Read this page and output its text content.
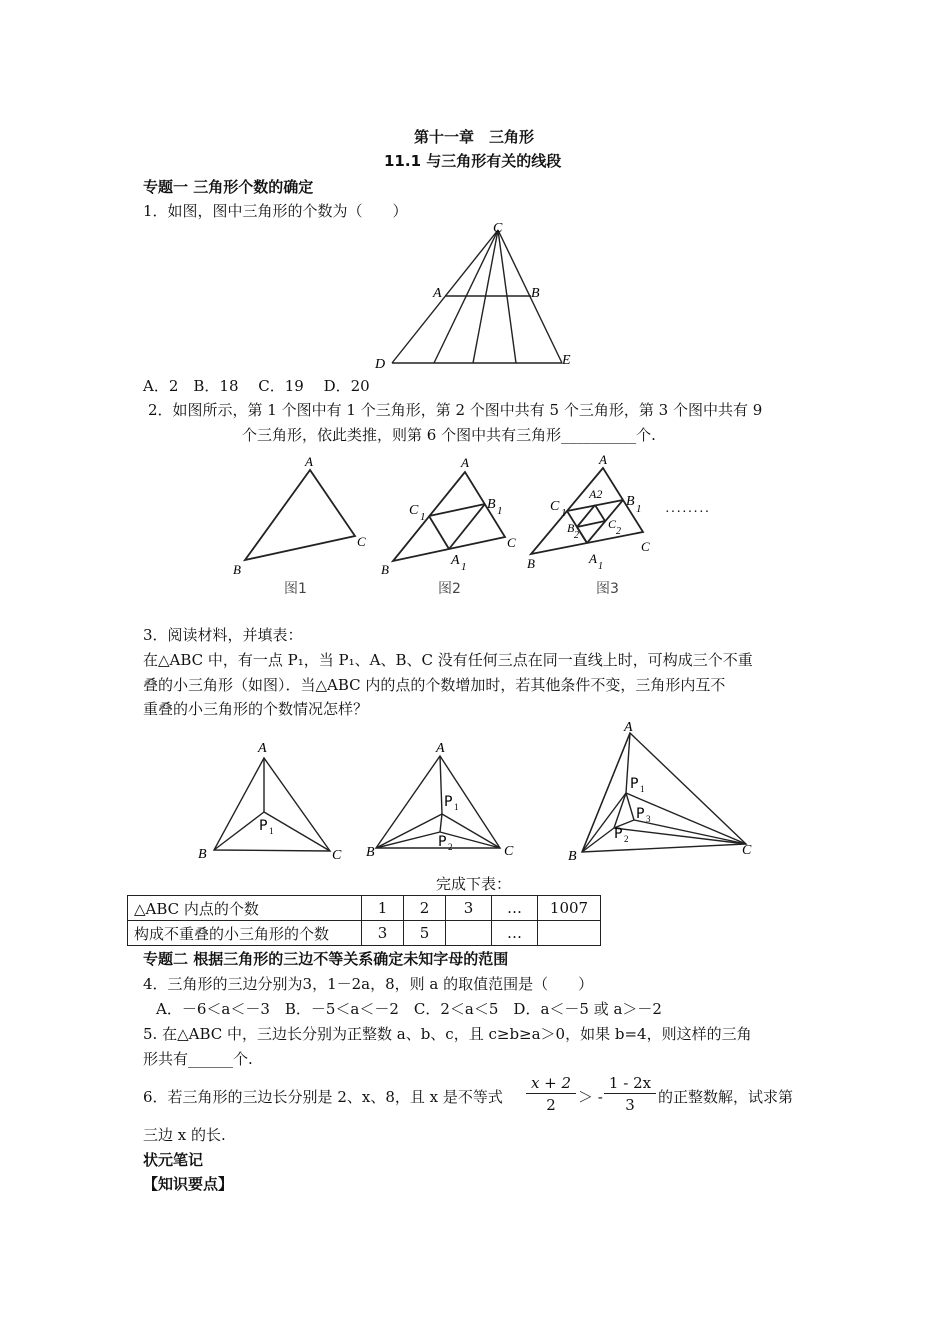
第十一章　三角形
11.1 与三角形有关的线段
专题一 三角形个数的确定
1．如图，图中三角形的个数为（　　）
C
A	B
D	E
A．2　B．18　 C．19　 D．20
2．如图所示，第 1 个图中有 1 个三角形，第 2 个图中共有 5 个三角形，第 3 个图中共有 9
个三角形，依此类推，则第 6 个图中共有三角形__________个.
A
B
C
A
B
C
C 1
B 1
A 1
A
B
C
C 1
B 1
A2
B
2
C
2
A
1
········
图1	图2	图3
3．阅读材料，并填表：
在△ABC 中，有一点 P₁，当 P₁、A、B、C 没有任何三点在同一直线上时，可构成三个不重
叠的小三角形（如图）．当△ABC 内的点的个数增加时，若其他条件不变，三角形内互不
重叠的小三角形的个数情况怎样？
A
B	C
P 1
A
B	C
P 1
P 2
A
B	C
P 1
P 3
P 2
完成下表：
△ABC 内点的个数	1	2	3	…	1007
构成不重叠的小三角形的个数	3	5		…	
专题二 根据三角形的三边不等关系确定未知字母的范围
4．三角形的三边分别为3，1－2a，8，则 a 的取值范围是（　　）
A．－6＜a＜－3　B．－5＜a＜－2　C．2＜a＜5　D．a＜－5 或 a＞－2
5. 在△ABC 中，三边长分别为正整数 a、b、c，且 c≥b≥a＞0，如果 b=4，则这样的三角
形共有______个.
6．若三角形的三边长分别是 2、x、8，且 x 是不等式 $\frac{x + 2}{2}$ ＞ - $\frac{1 - 2x}{3}$ 的正整数解，试求第
三边 x 的长.
状元笔记
【知识要点】
